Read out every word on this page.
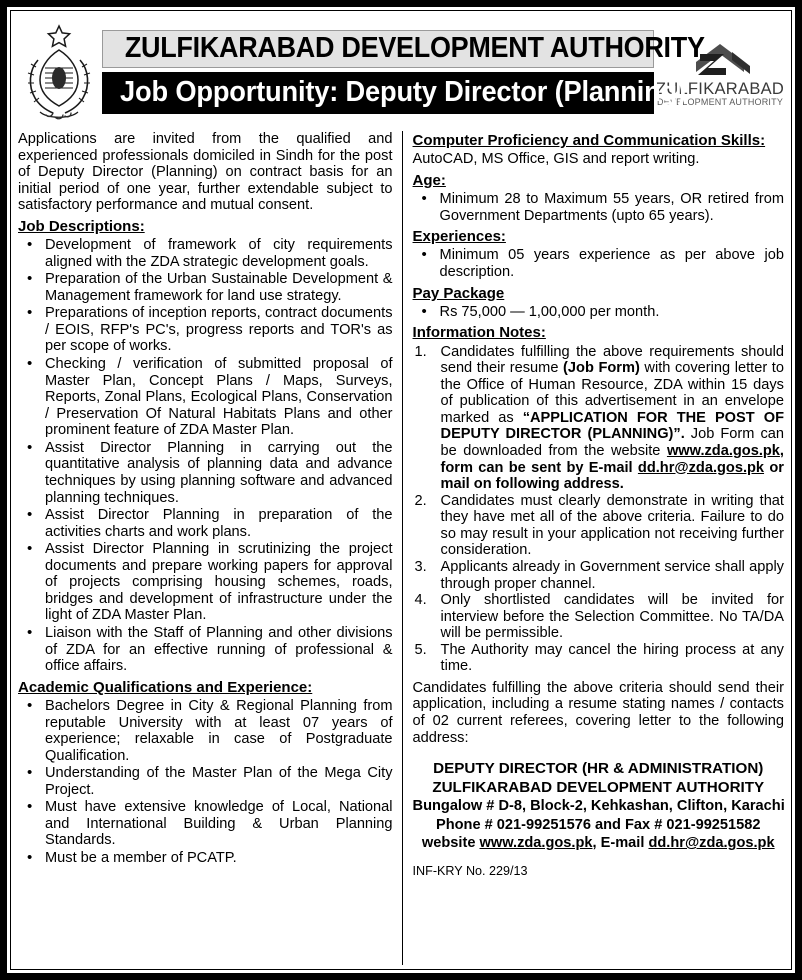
ZULFIKARABAD DEVELOPMENT AUTHORITY
Job Opportunity: Deputy Director (Planning)
ZULFIKARABAD
DEVELOPMENT AUTHORITY

Applications are invited from the qualified and experienced professionals domiciled in Sindh for the post of Deputy Director (Planning) on contract basis for an initial period of one year, further extendable subject to satisfactory performance and mutual consent.

Job Descriptions:
• Development of framework of city requirements aligned with the ZDA strategic development goals.
• Preparation of the Urban Sustainable Development & Management framework for land use strategy.
• Preparations of inception reports, contract documents / EOIS, RFP's PC's, progress reports and TOR's as per scope of works.
• Checking / verification of submitted proposal of Master Plan, Concept Plans / Maps, Surveys, Reports, Zonal Plans, Ecological Plans, Conservation / Preservation Of Natural Habitats Plans and other prominent feature of ZDA Master Plan.
• Assist Director Planning in carrying out the quantitative analysis of planning data and advance techniques by using planning software and advanced planning techniques.
• Assist Director Planning in preparation of the activities charts and work plans.
• Assist Director Planning in scrutinizing the project documents and prepare working papers for approval of projects comprising housing schemes, roads, bridges and development of infrastructure under the light of ZDA Master Plan.
• Liaison with the Staff of Planning and other divisions of ZDA for an effective running of professional & office affairs.
Academic Qualifications and Experience:
• Bachelors Degree in City & Regional Planning from reputable University with at least 07 years of experience; relaxable in case of Postgraduate Qualification.
• Understanding of the Master Plan of the Mega City Project.
• Must have extensive knowledge of Local, National and International Building & Urban Planning Standards.
• Must be a member of PCATP.
Computer Proficiency and Communication Skills:

AutoCAD, MS Office, GIS and report writing.

Age:
• Minimum 28 to Maximum 55 years, OR retired from Government Departments (upto 65 years).
Experiences:
• Minimum 05 years experience as per above job description.
Pay Package
• Rs 75,000 — 1,00,000 per month.
Information Notes:
Candidates fulfilling the above requirements should send their resume (Job Form) with covering letter to the Office of Human Resource, ZDA within 15 days of publication of this advertisement in an envelope marked as “APPLICATION FOR THE POST OF DEPUTY DIRECTOR (PLANNING)”. Job Form can be downloaded from the website www.zda.gos.pk, form can be sent by E-mail dd.hr@zda.gos.pk or mail on following address.
Candidates must clearly demonstrate in writing that they have met all of the above criteria. Failure to do so may result in your application not receiving further consideration.
Applicants already in Government service shall apply through proper channel.
Only shortlisted candidates will be invited for interview before the Selection Committee. No TA/DA will be permissible.
The Authority may cancel the hiring process at any time.

Candidates fulfilling the above criteria should send their application, including a resume stating names / contacts of 02 current referees, covering letter to the following address:

DEPUTY DIRECTOR (HR & ADMINISTRATION)
ZULFIKARABAD DEVELOPMENT AUTHORITY
Bungalow # D-8, Block-2, Kehkashan, Clifton, Karachi
Phone # 021-99251576 and Fax # 021-99251582
website www.zda.gos.pk, E-mail dd.hr@zda.gos.pk
INF-KRY No. 229/13
